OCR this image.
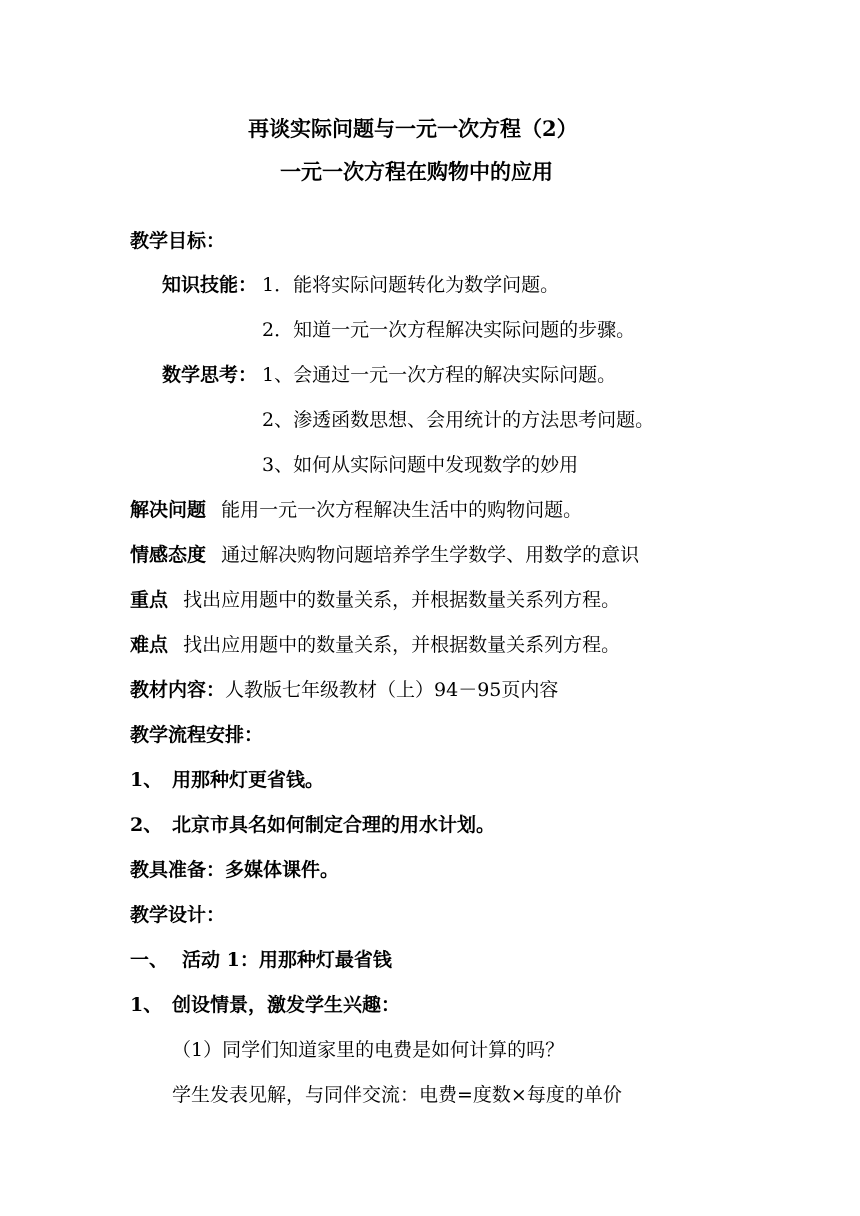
再谈实际问题与一元一次方程（2）
一元一次方程在购物中的应用
教学目标：
知识技能： 1．能将实际问题转化为数学问题。
2．知道一元一次方程解决实际问题的步骤。
数学思考： 1、会通过一元一次方程的解决实际问题。
2、渗透函数思想、会用统计的方法思考问题。
3、如何从实际问题中发现数学的妙用
解决问题 能用一元一次方程解决生活中的购物问题。
情感态度 通过解决购物问题培养学生学数学、用数学的意识
重点 找出应用题中的数量关系，并根据数量关系列方程。
难点 找出应用题中的数量关系，并根据数量关系列方程。
教材内容：人教版七年级教材（上）94－95页内容
教学流程安排：
1、 用那种灯更省钱。
2、 北京市具名如何制定合理的用水计划。
教具准备：多媒体课件。
教学设计：
一、 活动 1：用那种灯最省钱
1、 创设情景，激发学生兴趣：
（1）同学们知道家里的电费是如何计算的吗？
学生发表见解，与同伴交流：电费=度数×每度的单价
